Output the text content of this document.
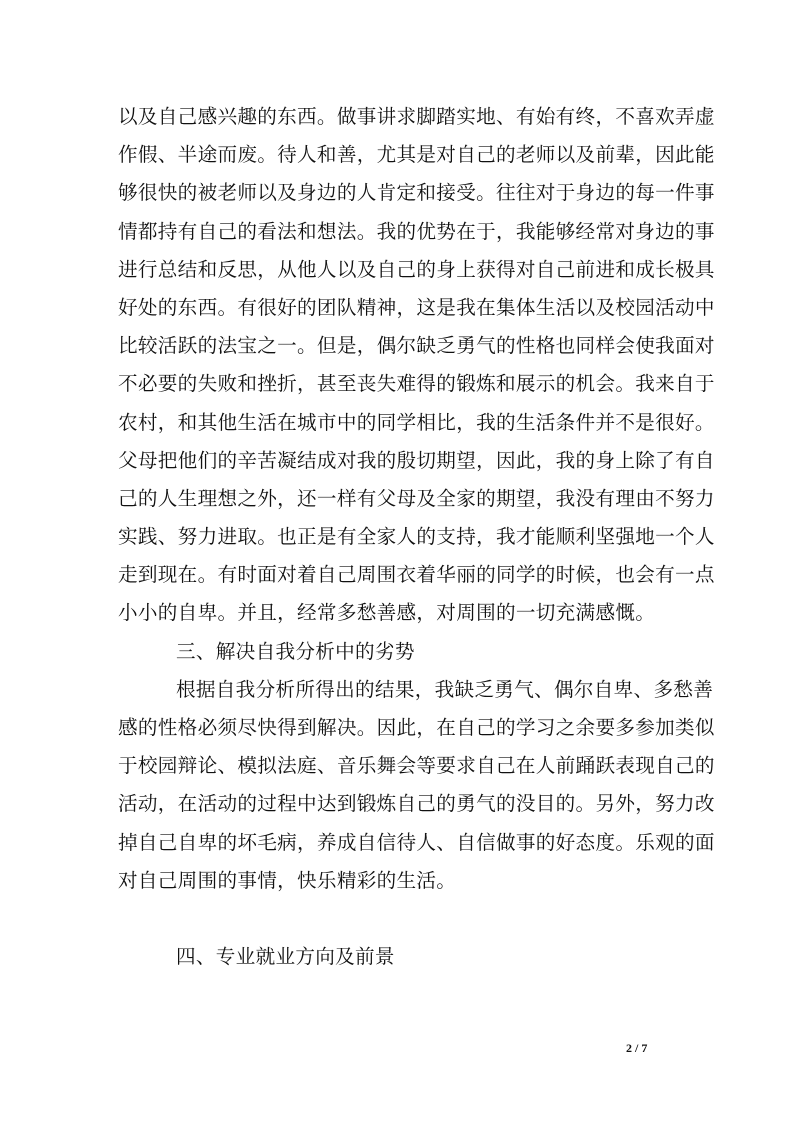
以及自己感兴趣的东西。做事讲求脚踏实地、有始有终，不喜欢弄虚
作假、半途而废。待人和善，尤其是对自己的老师以及前辈，因此能
够很快的被老师以及身边的人肯定和接受。往往对于身边的每一件事
情都持有自己的看法和想法。我的优势在于，我能够经常对身边的事
进行总结和反思，从他人以及自己的身上获得对自己前进和成长极具
好处的东西。有很好的团队精神，这是我在集体生活以及校园活动中
比较活跃的法宝之一。但是，偶尔缺乏勇气的性格也同样会使我面对
不必要的失败和挫折，甚至丧失难得的锻炼和展示的机会。我来自于
农村，和其他生活在城市中的同学相比，我的生活条件并不是很好。
父母把他们的辛苦凝结成对我的殷切期望，因此，我的身上除了有自
己的人生理想之外，还一样有父母及全家的期望，我没有理由不努力
实践、努力进取。也正是有全家人的支持，我才能顺利坚强地一个人
走到现在。有时面对着自己周围衣着华丽的同学的时候，也会有一点
小小的自卑。并且，经常多愁善感，对周围的一切充满感慨。
三、解决自我分析中的劣势
根据自我分析所得出的结果，我缺乏勇气、偶尔自卑、多愁善
感的性格必须尽快得到解决。因此，在自己的学习之余要多参加类似
于校园辩论、模拟法庭、音乐舞会等要求自己在人前踊跃表现自己的
活动，在活动的过程中达到锻炼自己的勇气的没目的。另外，努力改
掉自己自卑的坏毛病，养成自信待人、自信做事的好态度。乐观的面
对自己周围的事情，快乐精彩的生活。
四、专业就业方向及前景
2 / 7
